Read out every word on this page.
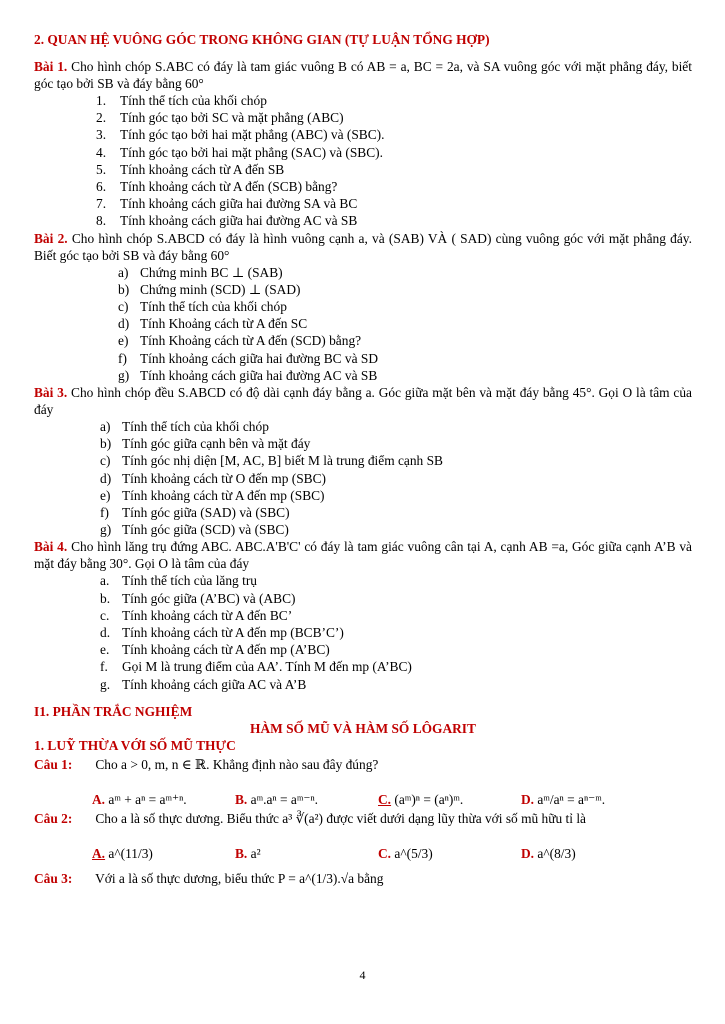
2. QUAN HỆ VUÔNG GÓC TRONG KHÔNG GIAN (TỰ LUẬN TỔNG HỢP)
Bài 1. Cho hình chóp S.ABC có đáy là tam giác vuông B có AB = a, BC = 2a, và SA vuông góc với mặt phẳng đáy, biết góc tạo bởi SB và đáy bằng 60°
1. Tính thể tích của khối chóp
2. Tính góc tạo bởi SC và mặt phẳng (ABC)
3. Tính góc tạo bởi hai mặt phẳng (ABC) và (SBC).
4. Tính góc tạo bởi hai mặt phẳng (SAC) và (SBC).
5. Tính khoảng cách từ A đến SB
6. Tính khoảng cách từ A đến (SCB) bằng?
7. Tính khoảng cách giữa hai đường SA và BC
8. Tính khoảng cách giữa hai đường AC và SB
Bài 2. Cho hình chóp S.ABCD có đáy là hình vuông cạnh a, và (SAB) VÀ ( SAD) cùng vuông góc với mặt phẳng đáy. Biết góc tạo bởi SB và đáy bằng 60°
a) Chứng minh BC ⊥ (SAB)
b) Chứng minh (SCD) ⊥ (SAD)
c) Tính thể tích của khối chóp
d) Tính Khoảng cách từ A đến SC
e) Tính Khoảng cách từ A đến (SCD) bằng?
f) Tính khoảng cách giữa hai đường BC và SD
g) Tính khoảng cách giữa hai đường AC và SB
Bài 3. Cho hình chóp đều S.ABCD có độ dài cạnh đáy bằng a. Góc giữa mặt bên và mặt đáy bằng 45°. Gọi O là tâm của đáy
a) Tính thể tích của khối chóp
b) Tính góc giữa cạnh bên và mặt đáy
c) Tính góc nhị diện [M, AC, B] biết M là trung điểm cạnh SB
d) Tính khoảng cách từ O đến mp (SBC)
e) Tính khoảng cách từ A đến mp (SBC)
f) Tính góc giữa (SAD) và (SBC)
g) Tính góc giữa (SCD) và (SBC)
Bài 4. Cho hình lăng trụ đứng ABC. ABC.A'B'C' có đáy là tam giác vuông cân tại A, cạnh AB =a, Góc giữa cạnh A’B và mặt đáy bằng 30°. Gọi O là tâm của đáy
a. Tính thể tích của lăng trụ
b. Tính góc giữa (A’BC) và (ABC)
c. Tính khoảng cách từ A đến BC’
d. Tính khoảng cách từ A đến mp (BCB’C’)
e. Tính khoảng cách từ A đến mp (A’BC)
f. Gọi M là trung điểm của AA’. Tính M đến mp (A’BC)
g. Tính khoảng cách giữa AC và A’B
I1. PHẦN TRẮC NGHIỆM
HÀM SỐ MŨ VÀ HÀM SỐ LÔGARIT
1. LUỸ THỪA VỚI SỐ MŨ THỰC
Câu 1: Cho a > 0, m, n ∈ ℝ. Khẳng định nào sau đây đúng?
A. aᵐ + aⁿ = aᵐ⁺ⁿ.	B. aᵐ.aⁿ = aᵐ⁻ⁿ.	C. (aᵐ)ⁿ = (aⁿ)ᵐ.	D. aᵐ/aⁿ = aⁿ⁻ᵐ.
Câu 2: Cho a là số thực dương. Biểu thức a³ ∛(a²) được viết dưới dạng lũy thừa với số mũ hữu tỉ là
A. a^(11/3)	B. a²	C. a^(5/3)	D. a^(8/3)
Câu 3: Với a là số thực dương, biểu thức P = a^(1/3).√a bằng
4
